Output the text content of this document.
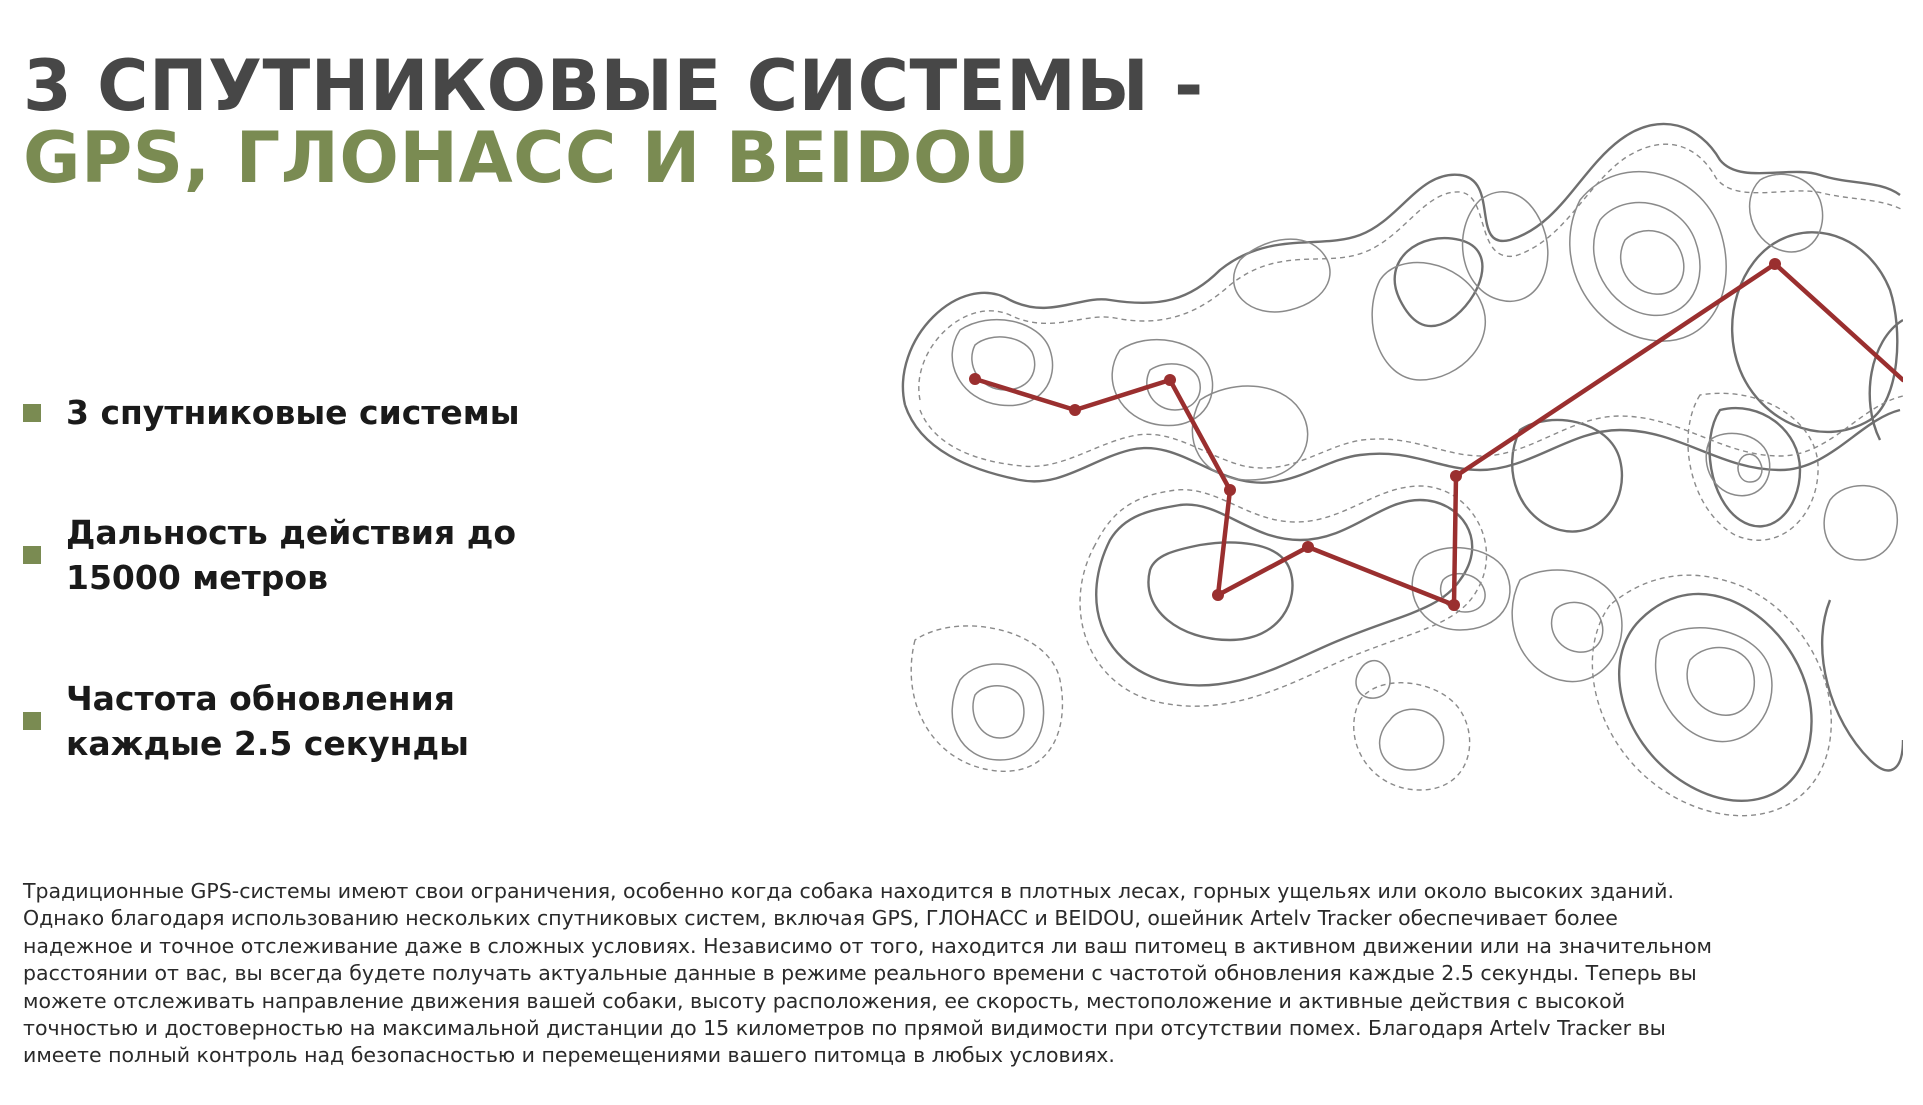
3 СПУТНИКОВЫЕ СИСТЕМЫ -
GPS, ГЛОНАСС И BEIDOU
3 спутниковые системы
Дальность действия до
15000 метров
Частота обновления
каждые 2.5 секунды

Традиционные GPS-системы имеют свои ограничения, особенно когда собака находится в плотных лесах, горных ущельях или около высоких зданий. Однако благодаря использованию нескольких спутниковых систем, включая GPS, ГЛОНАСС и BEIDOU, ошейник Artelv Tracker обеспечивает более надежное и точное отслеживание даже в сложных условиях. Независимо от того, находится ли ваш питомец в активном движении или на значительном расстоянии от вас, вы всегда будете получать актуальные данные в режиме реального времени с частотой обновления каждые 2.5 секунды. Теперь вы можете отслеживать направление движения вашей собаки, высоту расположения, ее скорость, местоположение и активные действия с высокой точностью и достоверностью на максимальной дистанции до 15 километров по прямой видимости при отсутствии помех. Благодаря Artelv Tracker вы имеете полный контроль над безопасностью и перемещениями вашего питомца в любых условиях.
